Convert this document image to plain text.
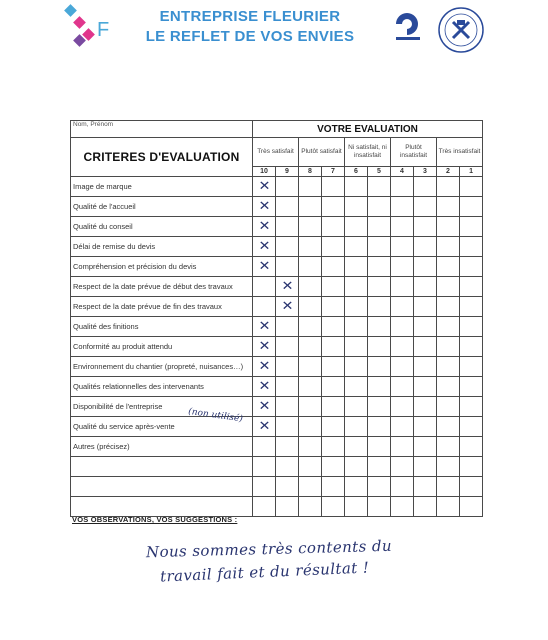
F
ENTREPRISE FLEURIER
LE REFLET DE VOS ENVIES
Nom, Prénom	VOTRE EVALUATION									
CRITERES D'EVALUATION	Très satisfait		Plutôt satisfait		Ni satisfait, ni insatisfait		Plutôt insatisfait		Très insatisfait	
	10	9	8	7	6	5	4	3	2	1
Image de marque	✕									
Qualité de l'accueil	✕									
Qualité du conseil	✕									
Délai de remise du devis	✕									
Compréhension et précision du devis	✕									
Respect de la date prévue de début des travaux		✕								
Respect de la date prévue de fin des travaux		✕								
Qualité des finitions	✕									
Conformité au produit attendu	✕									
Environnement du chantier (propreté, nuisances…)	✕									
Qualités relationnelles des intervenants	✕									
Disponibilité de l'entreprise	✕									
Qualité du service après-vente	✕									
Autres (précisez)										

(non utilisé)
VOS OBSERVATIONS, VOS SUGGESTIONS :
Nous sommes très contents du
travail fait et du résultat !
